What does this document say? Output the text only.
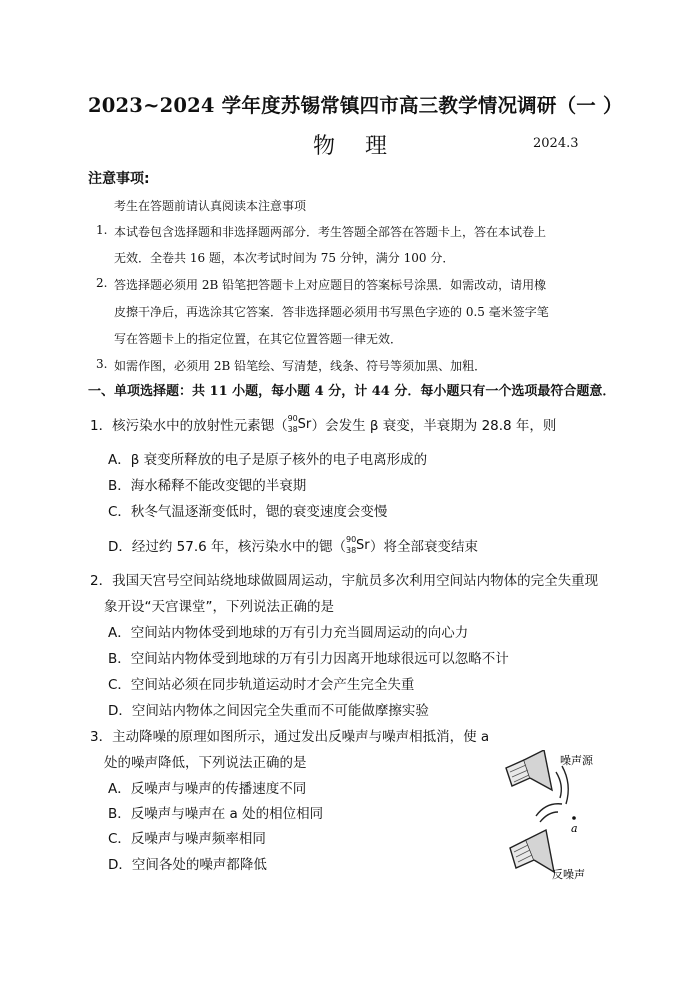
2023~2024 学年度苏锡常镇四市高三教学情况调研（一 ）
物 理	2024.3
注意事项:
考生在答题前请认真阅读本注意事项
1. 本试卷包含选择题和非选择题两部分．考生答题全部答在答题卡上，答在本试卷上
无效．全卷共 16 题，本次考试时间为 75 分钟，满分 100 分．
2. 答选择题必须用 2B 铅笔把答题卡上对应题目的答案标号涂黑．如需改动，请用橡
皮擦干净后，再选涂其它答案．答非选择题必须用书写黑色字迹的 0.5 毫米签字笔
写在答题卡上的指定位置，在其它位置答题一律无效．
3. 如需作图，必须用 2B 铅笔绘、写清楚，线条、符号等须加黑、加粗．
一、单项选择题：共 11 小题，每小题 4 分，计 44 分．每小题只有一个选项最符合题意．
1．核污染水中的放射性元素锶（ 90
38 Sr ）会发生 β 衰变，半衰期为 28.8 年，则
A．β 衰变所释放的电子是原子核外的电子电离形成的
B．海水稀释不能改变锶的半衰期
C．秋冬气温逐渐变低时，锶的衰变速度会变慢
D．经过约 57.6 年，核污染水中的锶（ 90
38 Sr ）将全部衰变结束
2．我国天宫号空间站绕地球做圆周运动，宇航员多次利用空间站内物体的完全失重现
象开设“天宫课堂”，下列说法正确的是
A．空间站内物体受到地球的万有引力充当圆周运动的向心力
B．空间站内物体受到地球的万有引力因离开地球很远可以忽略不计
C．空间站必须在同步轨道运动时才会产生完全失重
D．空间站内物体之间因完全失重而不可能做摩擦实验
3．主动降噪的原理如图所示，通过发出反噪声与噪声相抵消，使 a
处的噪声降低，下列说法正确的是
A．反噪声与噪声的传播速度不同
B．反噪声与噪声在 a 处的相位相同
C．反噪声与噪声频率相同
D．空间各处的噪声都降低
a
噪声源
反噪声
